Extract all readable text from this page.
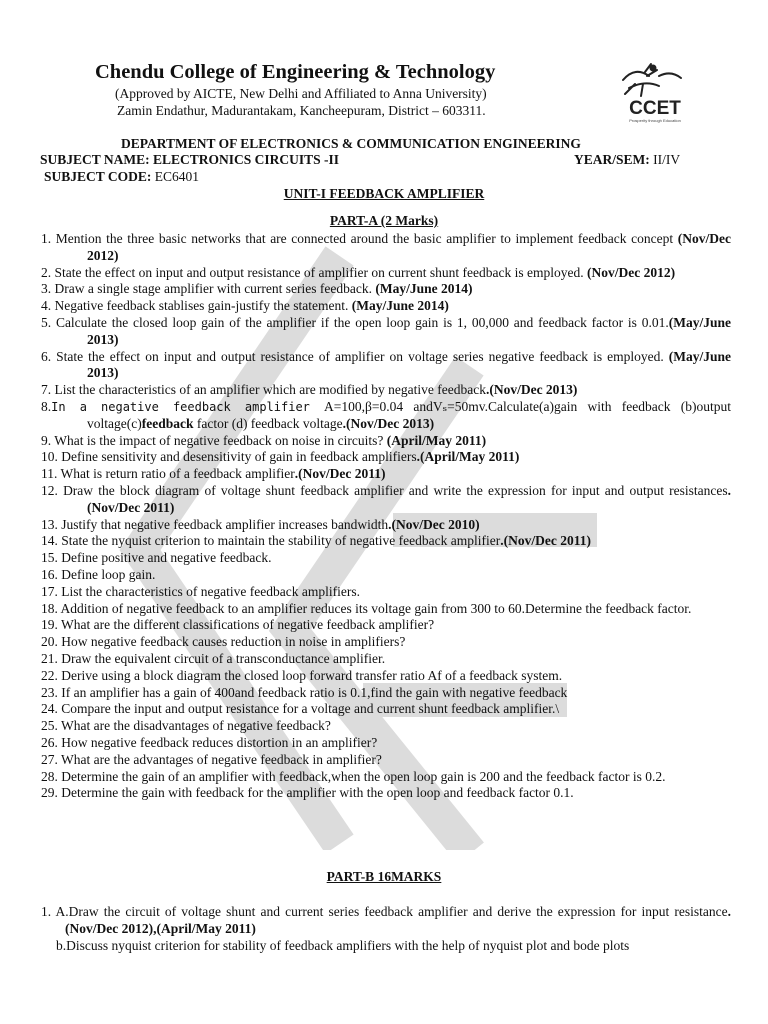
Chendu College of Engineering & Technology
(Approved by AICTE, New Delhi and Affiliated to Anna University)
Zamin Endathur, Madurantakam, Kancheepuram, District – 603311.	CCET
Prosperity through Education
DEPARTMENT OF ELECTRONICS & COMMUNICATION ENGINEERING
SUBJECT NAME: ELECTRONICS CIRCUITS -II	YEAR/SEM: II/IV
SUBJECT CODE: EC6401
UNIT-I FEEDBACK AMPLIFIER
PART-A (2 Marks)
1. Mention the three basic networks that are connected around the basic amplifier to implement feedback concept (Nov/Dec 2012)
2. State the effect on input and output resistance of amplifier on current shunt feedback is employed. (Nov/Dec 2012)
3. Draw a single stage amplifier with current series feedback. (May/June 2014)
4. Negative feedback stablises gain-justify the statement. (May/June 2014)
5. Calculate the closed loop gain of the amplifier if the open loop gain is 1, 00,000 and feedback factor is 0.01.(May/June 2013)
6. State the effect on input and output resistance of amplifier on voltage series negative feedback is employed. (May/June 2013)
7. List the characteristics of an amplifier which are modified by negative feedback.(Nov/Dec 2013)
8.In a negative feedback amplifier A=100,β=0.04 andVₛ=50mv.Calculate(a)gain with feedback (b)output voltage(c)feedback factor (d) feedback voltage.(Nov/Dec 2013)
9. What is the impact of negative feedback on noise in circuits? (April/May 2011)
10. Define sensitivity and desensitivity of gain in feedback amplifiers.(April/May 2011)
11. What is return ratio of a feedback amplifier.(Nov/Dec 2011)
12. Draw the block diagram of voltage shunt feedback amplifier and write the expression for input and output resistances.(Nov/Dec 2011)
13. Justify that negative feedback amplifier increases bandwidth.(Nov/Dec 2010)
14. State the nyquist criterion to maintain the stability of negative feedback amplifier.(Nov/Dec 2011)
15. Define positive and negative feedback.
16. Define loop gain.
17. List the characteristics of negative feedback amplifiers.
18. Addition of negative feedback to an amplifier reduces its voltage gain from 300 to 60.Determine the feedback factor.
19. What are the different classifications of negative feedback amplifier?
20. How negative feedback causes reduction in noise in amplifiers?
21. Draw the equivalent circuit of a transconductance amplifier.
22. Derive using a block diagram the closed loop forward transfer ratio Af of a feedback system.
23. If an amplifier has a gain of 400and feedback ratio is 0.1,find the gain with negative feedback
24. Compare the input and output resistance for a voltage and current shunt feedback amplifier.\
25. What are the disadvantages of negative feedback?
26. How negative feedback reduces distortion in an amplifier?
27. What are the advantages of negative feedback in amplifier?
28. Determine the gain of an amplifier with feedback,when the open loop gain is 200 and the feedback factor is 0.2.
29. Determine the gain with feedback for the amplifier with the open loop and feedback factor 0.1.
PART-B 16MARKS
1. A.Draw the circuit of voltage shunt and current series feedback amplifier and derive the expression for input resistance.(Nov/Dec 2012),(April/May 2011)
b.Discuss nyquist criterion for stability of feedback amplifiers with the help of nyquist plot and bode plots
